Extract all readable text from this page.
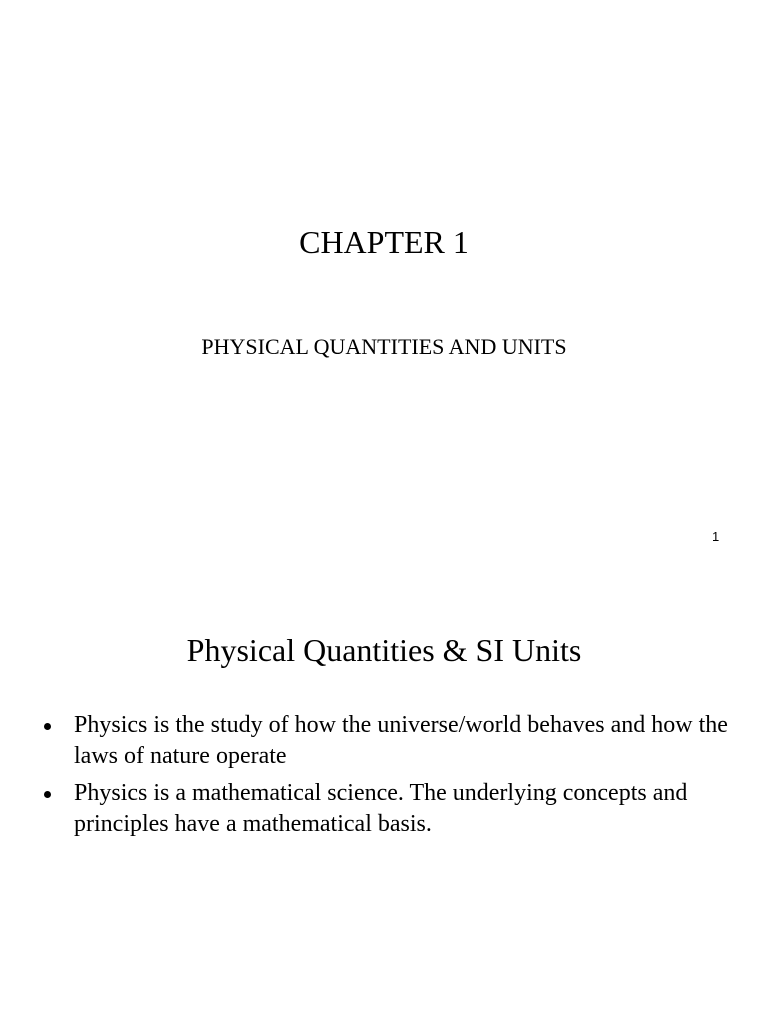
CHAPTER 1
PHYSICAL QUANTITIES AND UNITS
1
Physical Quantities & SI Units
Physics is the study of how the universe/world behaves and how the laws of nature operate
Physics is a mathematical science. The underlying concepts and principles have a mathematical basis.
